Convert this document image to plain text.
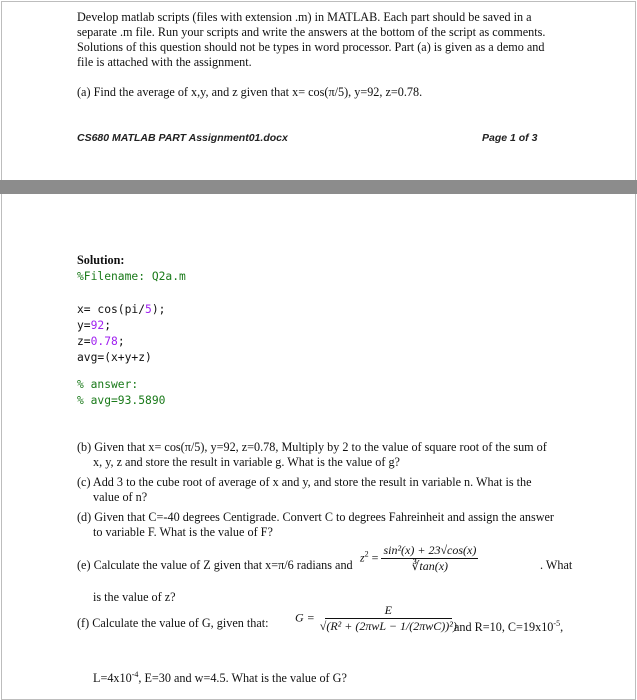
Develop matlab scripts (files with extension .m) in MATLAB. Each part should be saved in a
separate .m file. Run your scripts and write the answers at the bottom of the script as comments.
Solutions of this question should not be types in word processor. Part (a) is given as a demo and
file is attached with the assignment.
(a) Find the average of x,y, and z given that x= cos(π/5), y=92, z=0.78.
CS680 MATLAB PART Assignment01.docx	Page 1 of 3
Solution:
%Filename: Q2a.m
x= cos(pi/5);
y=92;
z=0.78;
avg=(x+y+z)
% answer:
% avg=93.5890
(b) Given that x= cos(π/5), y=92, z=0.78, Multiply by 2 to the value of square root of the sum of
x, y, z and store the result in variable g. What is the value of g?
(c) Add 3 to the cube root of average of x and y, and store the result in variable n. What is the
value of n?
(d) Given that C=-40 degrees Centigrade. Convert C to degrees Fahreinheit and assign the answer
to variable F. What is the value of F?
(e) Calculate the value of Z given that x=π/6 radians and
$z^2 = \frac{\text{sin²(x) + 23√cos(x)}}{∛\tan(x)}$	. What
is the value of z?
(f) Calculate the value of G, given that: $G = \frac{E}{\text{√(R² + (2πwL − 1/(2πwC))²)}}$
and R=10, $C=19x10^{-5}$,
$L=4x10^{-4}$, E=30 and w=4.5. What is the value of G?
